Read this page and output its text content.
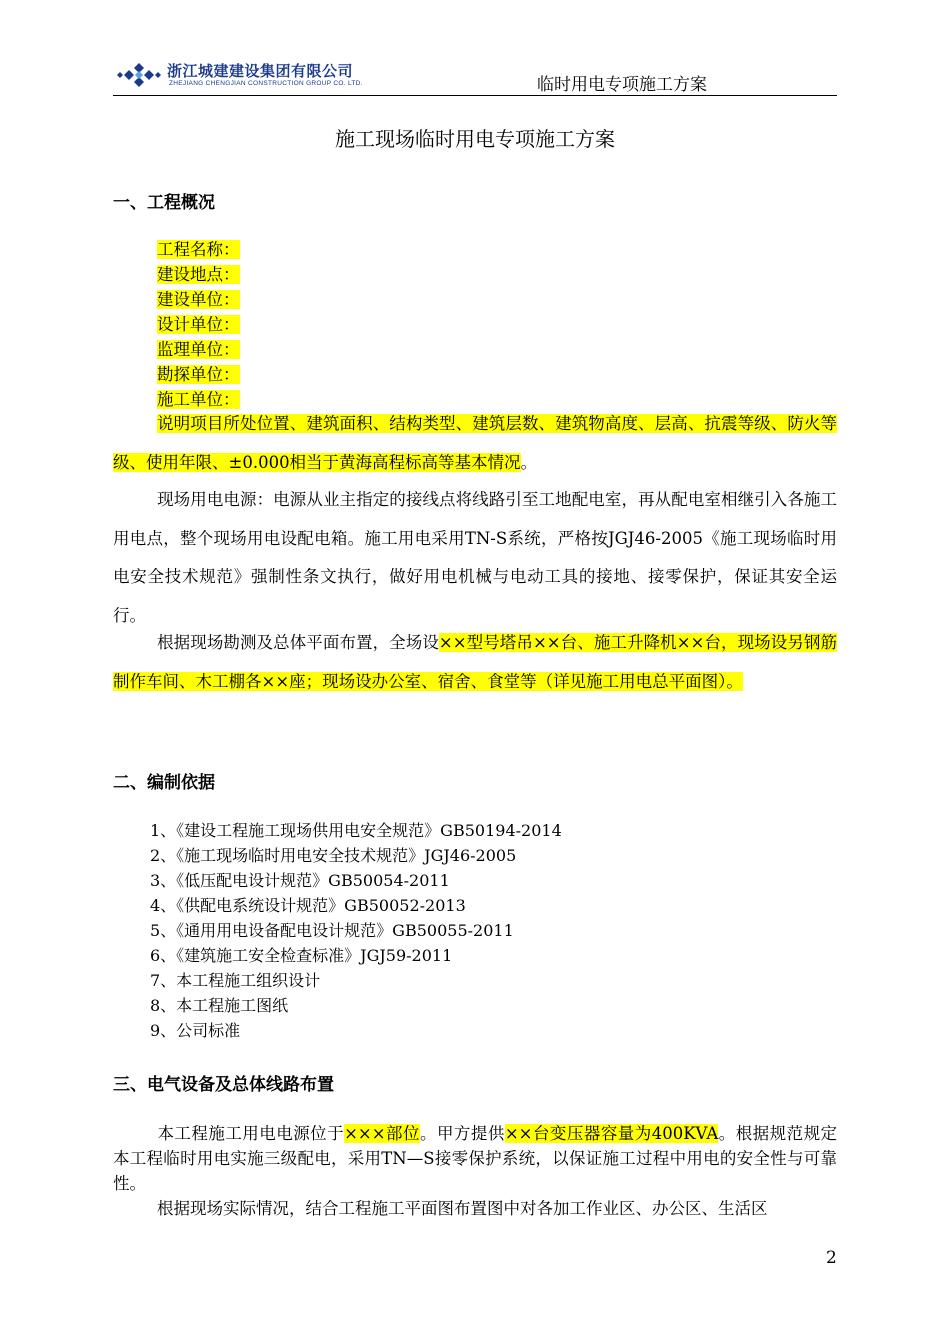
浙江城建建设集团有限公司
ZHEJIANG CHENGJIAN CONSTRUCTION GROUP CO. LTD.	临时用电专项施工方案
施工现场临时用电专项施工方案
一、工程概况
工程名称：
建设地点：
建设单位：
设计单位：
监理单位：
勘探单位：
施工单位：
说明项目所处位置、建筑面积、结构类型、建筑层数、建筑物高度、层高、抗震等级、防火等级、使用年限、±0.000相当于黄海高程标高等基本情况。
现场用电电源：电源从业主指定的接线点将线路引至工地配电室，再从配电室相继引入各施工用电点，整个现场用电设配电箱。施工用电采用TN-S系统，严格按JGJ46-2005《施工现场临时用电安全技术规范》强制性条文执行，做好用电机械与电动工具的接地、接零保护，保证其安全运行。
根据现场勘测及总体平面布置，全场设××型号塔吊××台、施工升降机××台，现场设另钢筋制作车间、木工棚各××座；现场设办公室、宿舍、食堂等（详见施工用电总平面图）。
二、编制依据
1、《建设工程施工现场供用电安全规范》GB50194-2014
2、《施工现场临时用电安全技术规范》JGJ46-2005
3、《低压配电设计规范》GB50054-2011
4、《供配电系统设计规范》GB50052-2013
5、《通用用电设备配电设计规范》GB50055-2011
6、《建筑施工安全检查标准》JGJ59-2011
7、本工程施工组织设计
8、本工程施工图纸
9、公司标准
三、电气设备及总体线路布置
本工程施工用电电源位于×××部位。甲方提供××台变压器容量为400KVA。根据规范规定本工程临时用电实施三级配电，采用TN—S接零保护系统，以保证施工过程中用电的安全性与可靠性。
根据现场实际情况，结合工程施工平面图布置图中对各加工作业区、办公区、生活区
2
